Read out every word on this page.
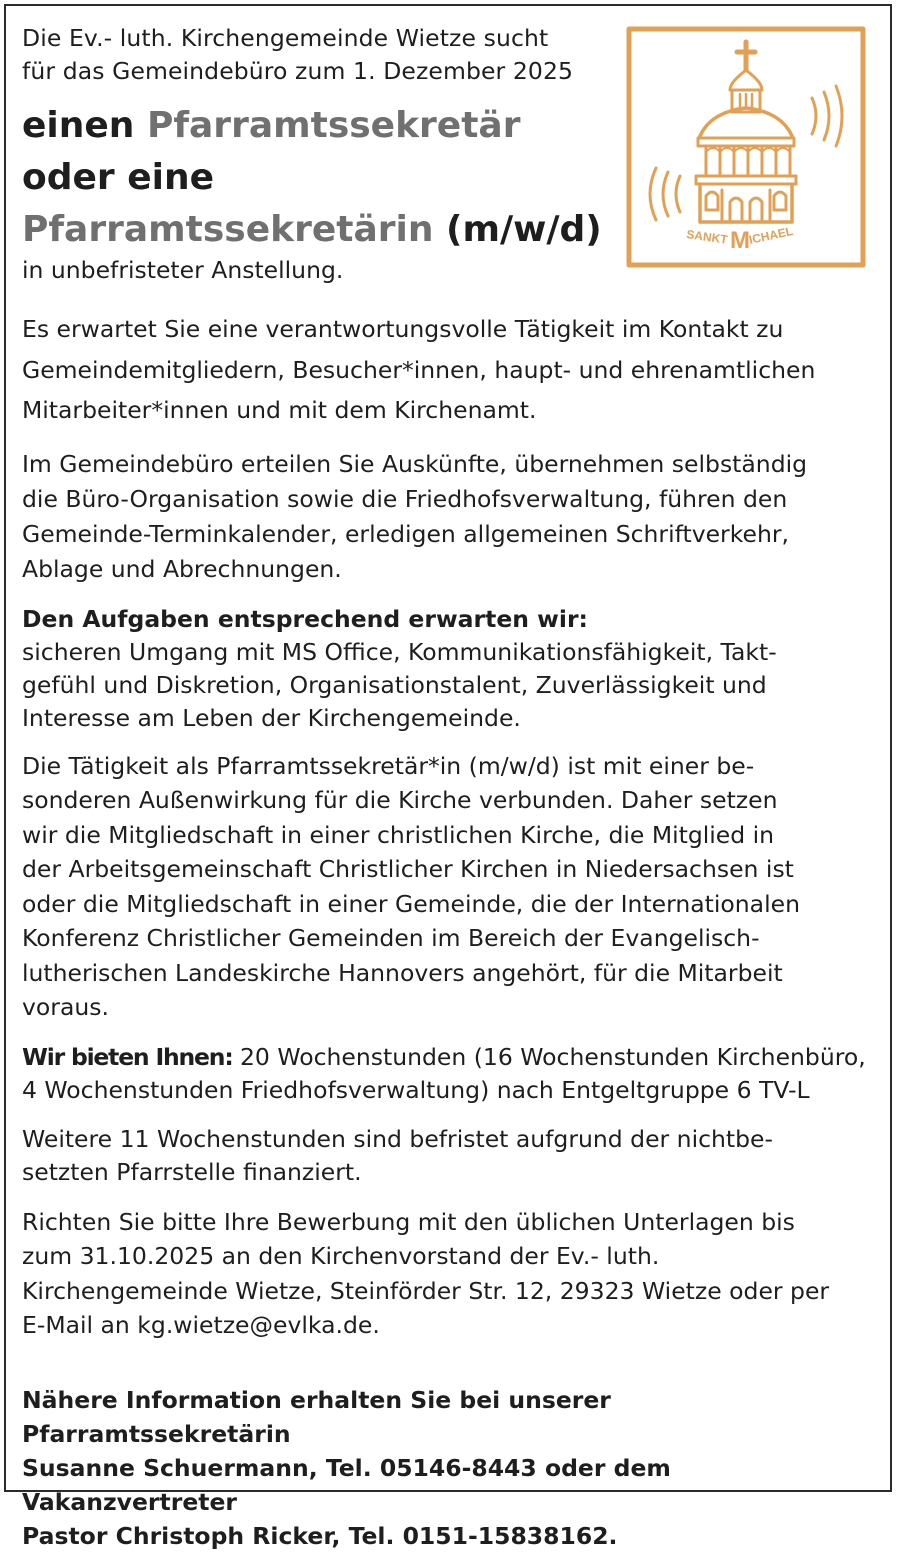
Die Ev.- luth. Kirchengemeinde Wietze sucht
für das Gemeindebüro zum 1. Dezember 2025

einen Pfarramtssekretär
oder eine
Pfarramtssekretärin (m/w/d)
in unbefristeter Anstellung.

Es erwartet Sie eine verantwortungsvolle Tätigkeit im Kontakt zu
Gemeindemitgliedern, Besucher*innen, haupt- und ehrenamtlichen
Mitarbeiter*innen und mit dem Kirchenamt.

Im Gemeindebüro erteilen Sie Auskünfte, übernehmen selbständig
die Büro-Organisation sowie die Friedhofsverwaltung, führen den
Gemeinde-Terminkalender, erledigen allgemeinen Schriftverkehr,
Ablage und Abrechnungen.

Den Aufgaben entsprechend erwarten wir:
sicheren Umgang mit MS Office, Kommunikationsfähigkeit, Takt-
gefühl und Diskretion, Organisationstalent, Zuverlässigkeit und
Interesse am Leben der Kirchengemeinde.

Die Tätigkeit als Pfarramtssekretär*in (m/w/d) ist mit einer be-
sonderen Außenwirkung für die Kirche verbunden. Daher setzen
wir die Mitgliedschaft in einer christlichen Kirche, die Mitglied in
der Arbeitsgemeinschaft Christlicher Kirchen in Niedersachsen ist
oder die Mitgliedschaft in einer Gemeinde, die der Internationalen
Konferenz Christlicher Gemeinden im Bereich der Evangelisch-
lutherischen Landeskirche Hannovers angehört, für die Mitarbeit
voraus.

Wir bieten Ihnen: 20 Wochenstunden (16 Wochenstunden Kirchenbüro,
4 Wochenstunden Friedhofsverwaltung) nach Entgeltgruppe 6 TV-L

Weitere 11 Wochenstunden sind befristet aufgrund der nichtbe-
setzten Pfarrstelle finanziert.

Richten Sie bitte Ihre Bewerbung mit den üblichen Unterlagen bis
zum 31.10.2025 an den Kirchenvorstand der Ev.- luth.
Kirchengemeinde Wietze, Steinförder Str. 12, 29323 Wietze oder per
E-Mail an kg.wietze@evlka.de.

Nähere Information erhalten Sie bei unserer Pfarramtssekretärin
Susanne Schuermann, Tel. 05146-8443 oder dem Vakanzvertreter
Pastor Christoph Ricker, Tel. 0151-15838162.

SANKT M
ICHAEL
